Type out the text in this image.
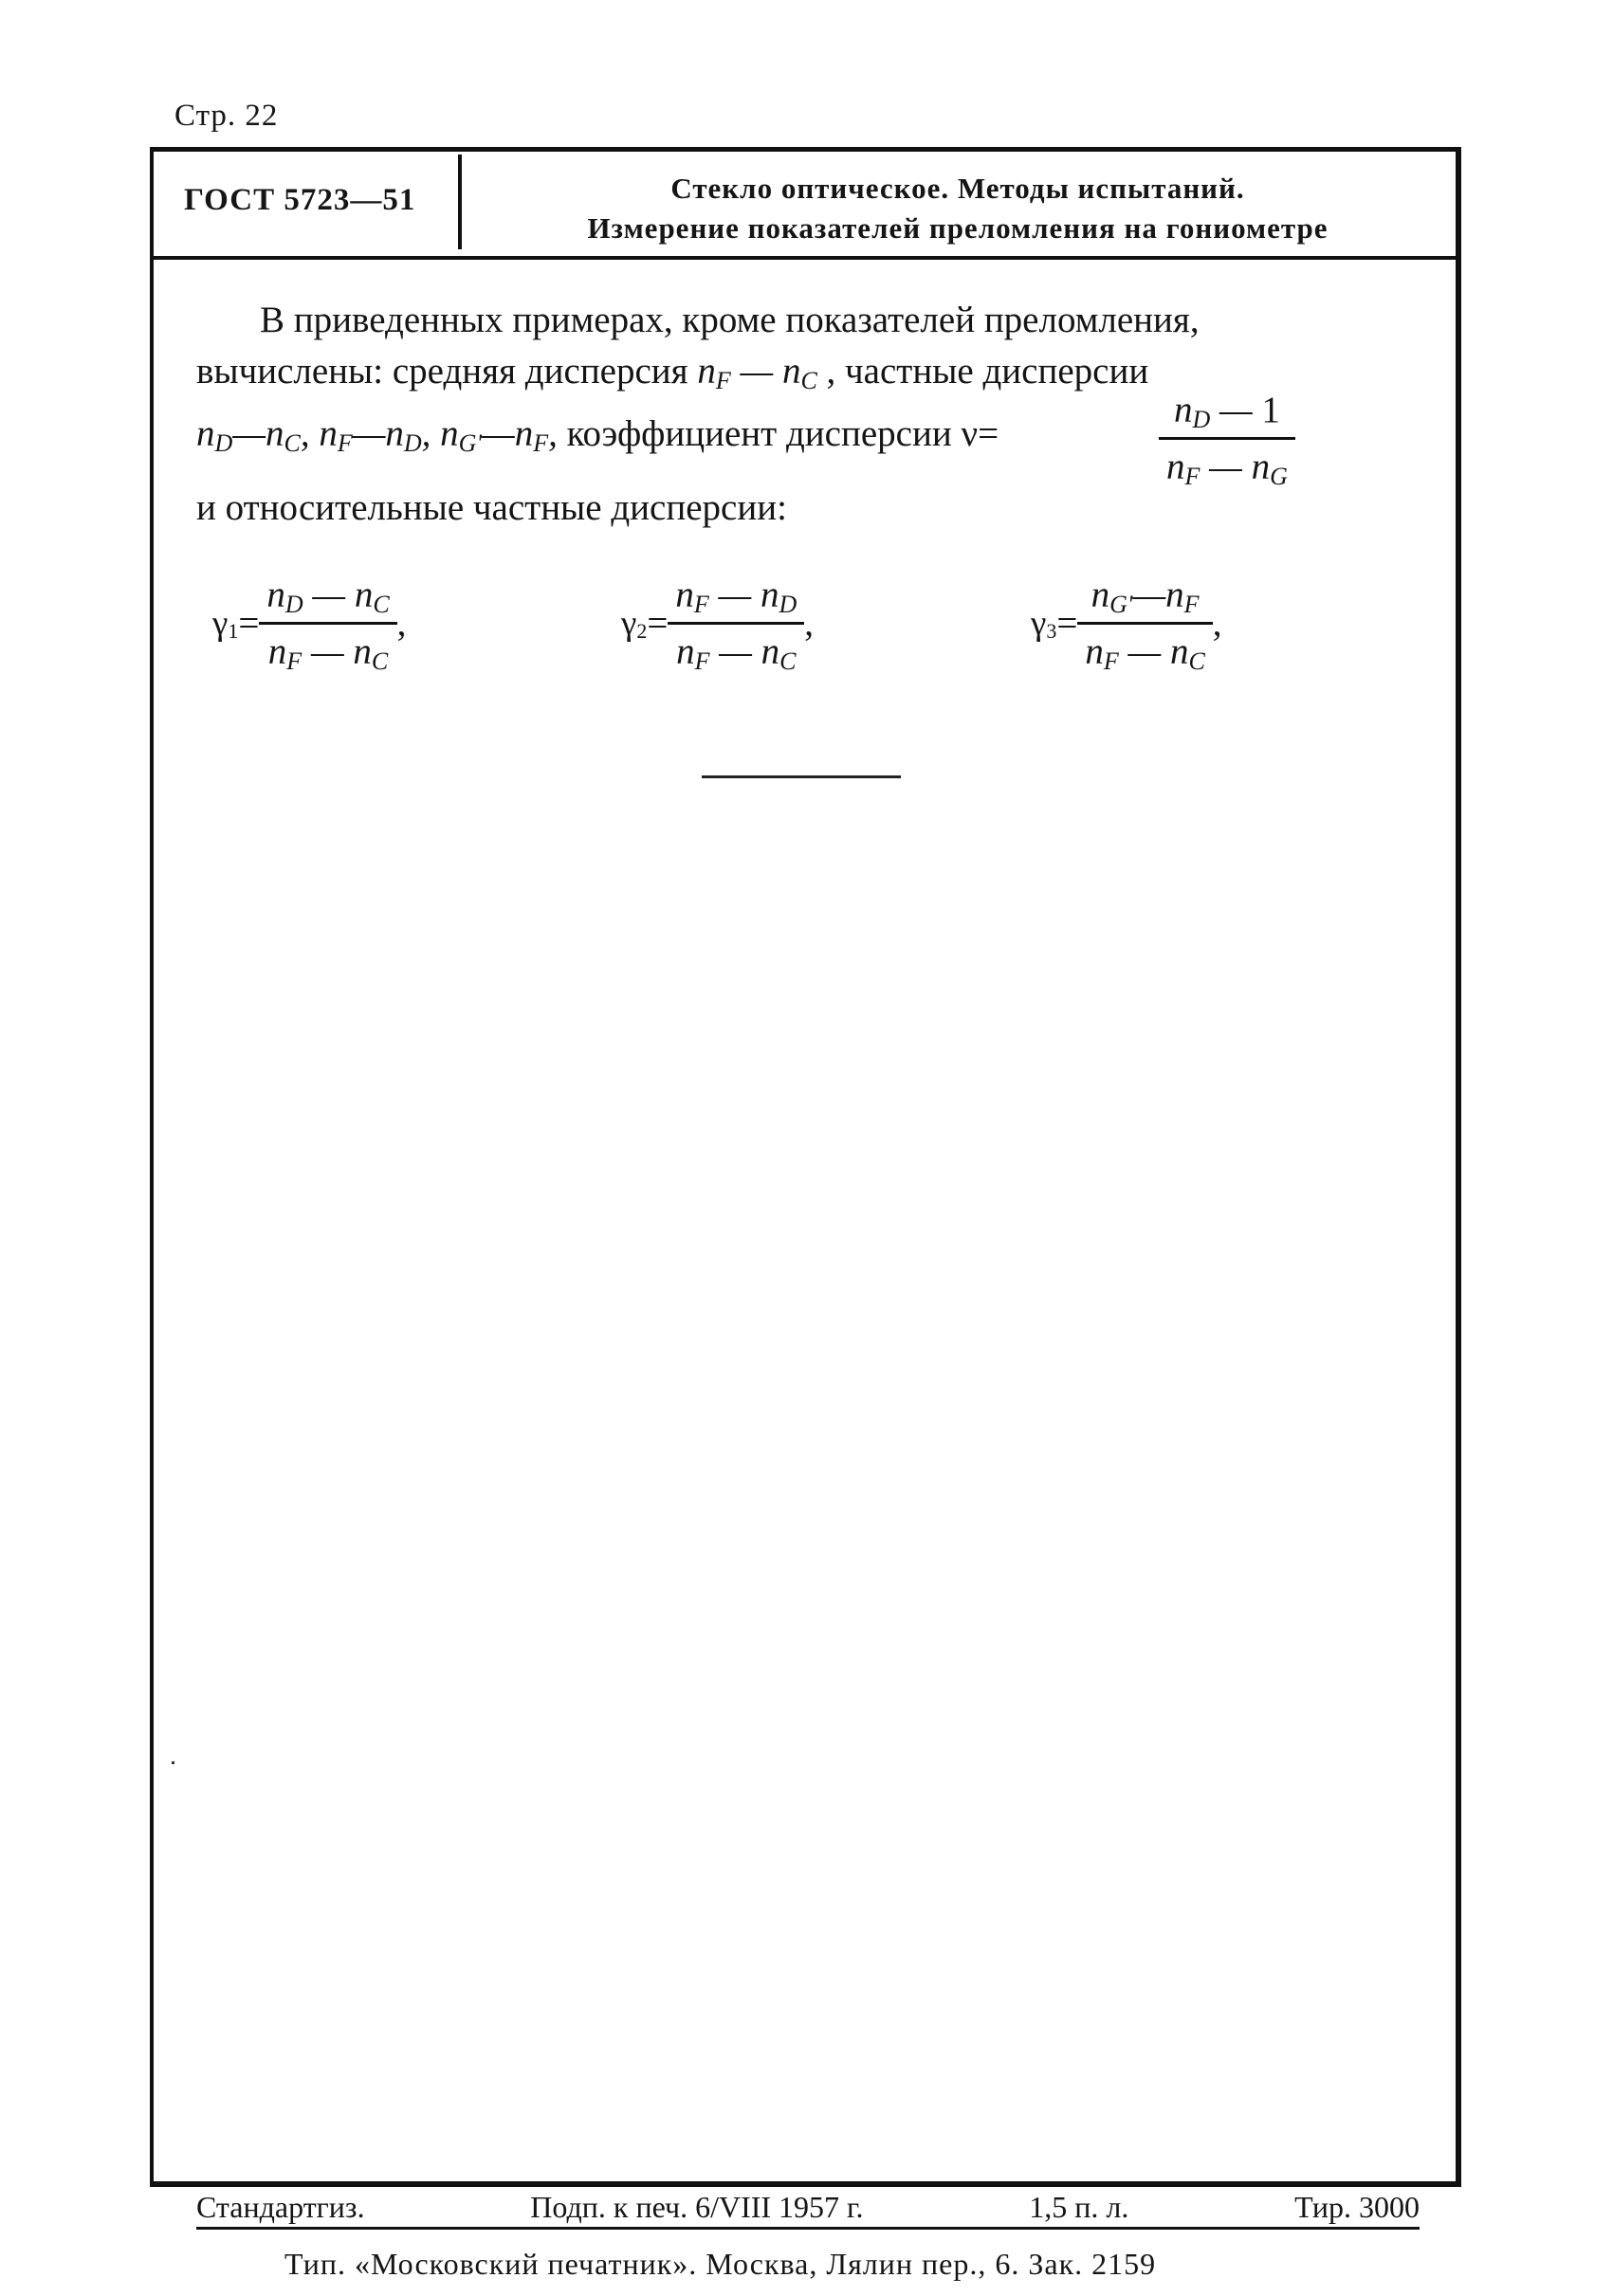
Стр. 22
ГОСТ 5723—51	Стекло оптическое. Методы испытаний.
Измерение показателей преломления на гониометре
В приведенных примерах, кроме показателей преломления,
вычислены: средняя дисперсия nF — nC , частные дисперсии
nD—nC, nF—nD, nG'—nF, коэффициент дисперсии ν=	$\frac{nD — 1}{nF — nG}$
и относительные частные дисперсии:
γ $1 = \frac{nD — nC}{nF — nC}$ ,	γ $2 = \frac{nF — nD}{nF — nC}$ ,	γ $3 = \frac{nG'—nF}{nF — nC}$ ,
Стандартгиз.	Подп. к печ. 6/VIII 1957 г.	1,5 п. л.	Тир. 3000
Тип. «Московский печатник». Москва, Лялин пер., 6. Зак. 2159
